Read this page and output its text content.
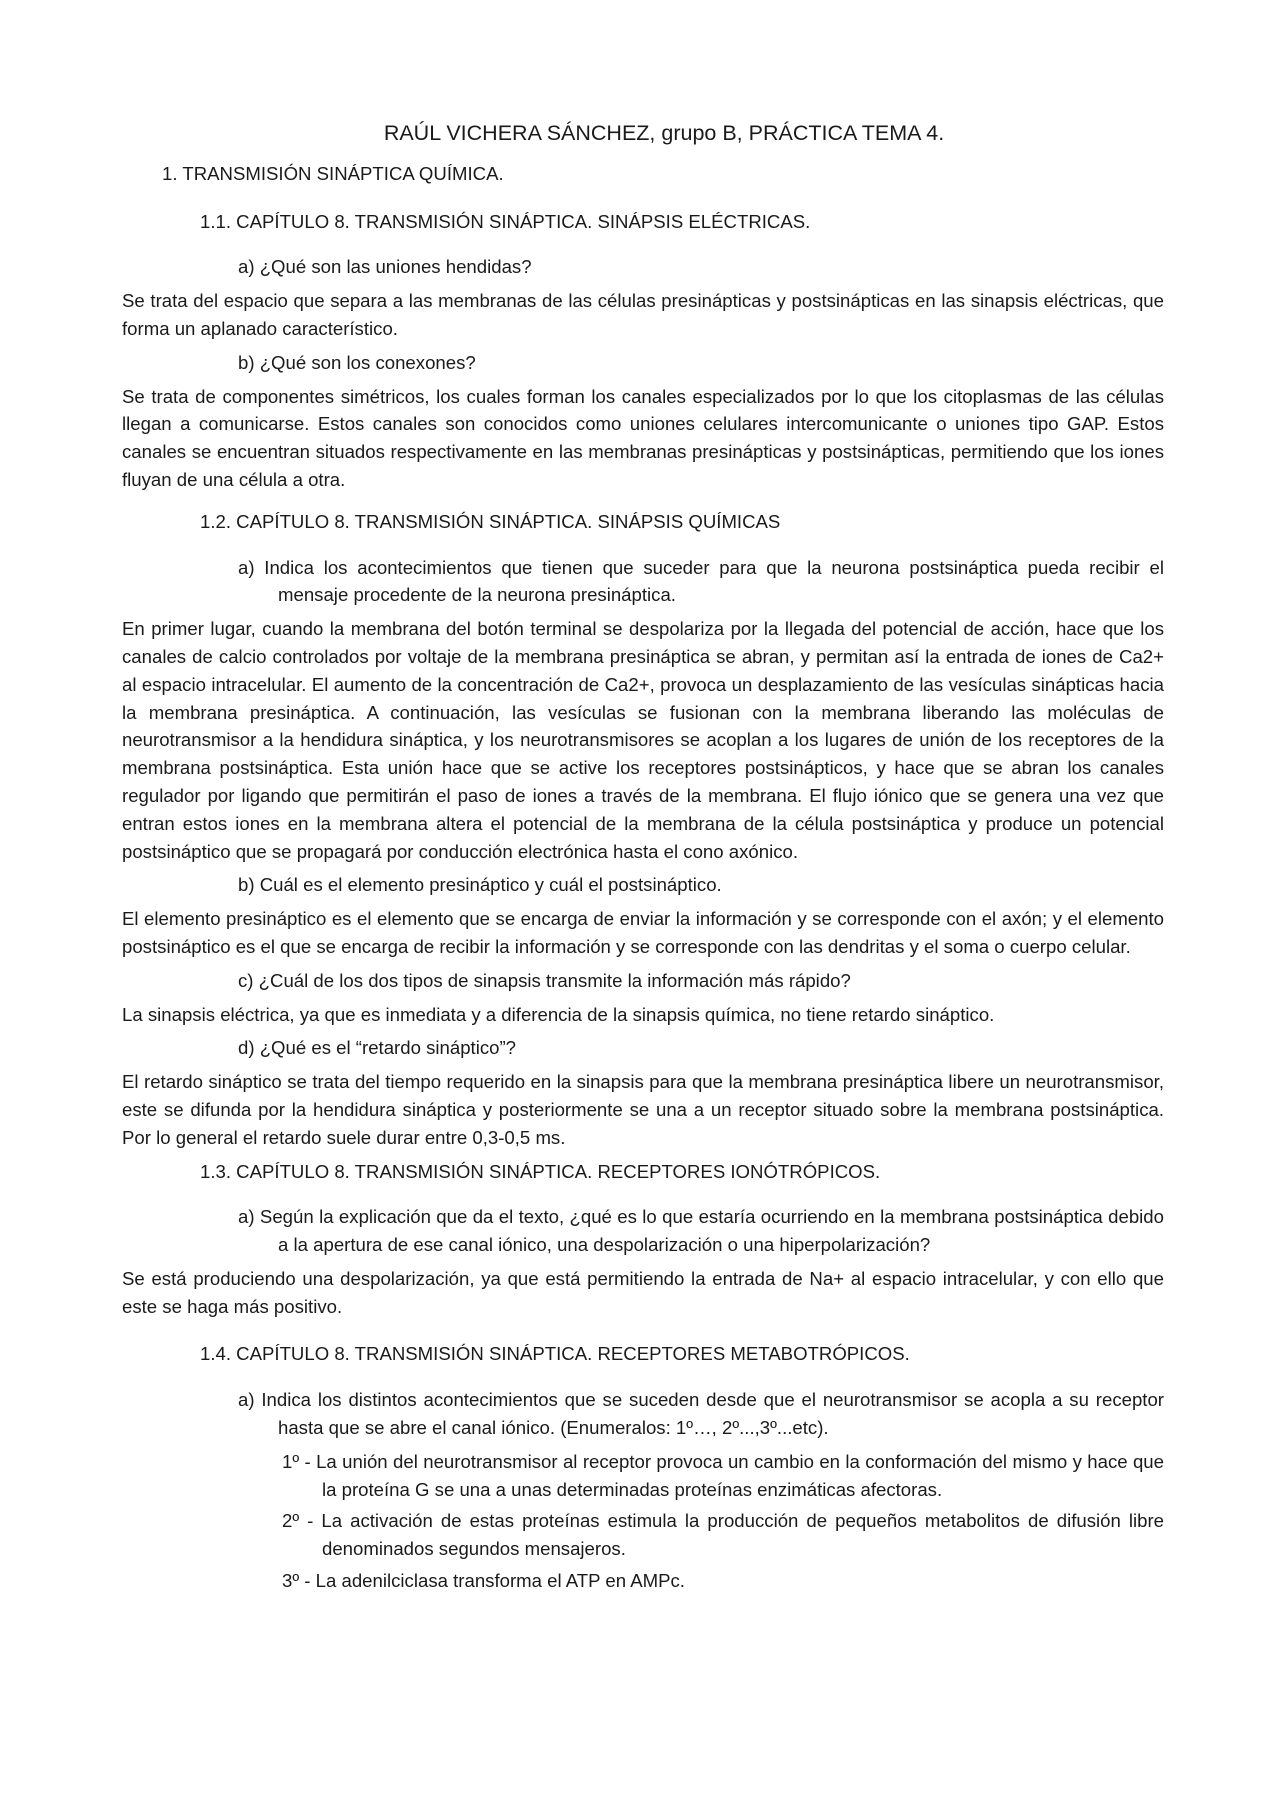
RAÚL VICHERA SÁNCHEZ, grupo B, PRÁCTICA TEMA 4.
1. TRANSMISIÓN SINÁPTICA QUÍMICA.
1.1. CAPÍTULO 8. TRANSMISIÓN SINÁPTICA. SINÁPSIS ELÉCTRICAS.
a) ¿Qué son las uniones hendidas?
Se trata del espacio que separa a las membranas de las células presinápticas y postsinápticas en las sinapsis eléctricas, que forma un aplanado característico.
b) ¿Qué son los conexones?
Se trata de componentes simétricos, los cuales forman los canales especializados por lo que los citoplasmas de las células llegan a comunicarse. Estos canales son conocidos como uniones celulares intercomunicante o uniones tipo GAP. Estos canales se encuentran situados respectivamente en las membranas presinápticas y postsinápticas, permitiendo que los iones fluyan de una célula a otra.
1.2. CAPÍTULO 8. TRANSMISIÓN SINÁPTICA. SINÁPSIS QUÍMICAS
a) Indica los acontecimientos que tienen que suceder para que la neurona postsináptica pueda recibir el mensaje procedente de la neurona presináptica.
En primer lugar, cuando la membrana del botón terminal se despolariza por la llegada del potencial de acción, hace que los canales de calcio controlados por voltaje de la membrana presináptica se abran, y permitan así la entrada de iones de Ca2+ al espacio intracelular. El aumento de la concentración de Ca2+, provoca un desplazamiento de las vesículas sinápticas hacia la membrana presináptica. A continuación, las vesículas se fusionan con la membrana liberando las moléculas de neurotransmisor a la hendidura sináptica, y los neurotransmisores se acoplan a los lugares de unión de los receptores de la membrana postsináptica. Esta unión hace que se active los receptores postsinápticos, y hace que se abran los canales regulador por ligando que permitirán el paso de iones a través de la membrana. El flujo iónico que se genera una vez que entran estos iones en la membrana altera el potencial de la membrana de la célula postsináptica y produce un potencial postsináptico que se propagará por conducción electrónica hasta el cono axónico.
b) Cuál es el elemento presináptico y cuál el postsináptico.
El elemento presináptico es el elemento que se encarga de enviar la información y se corresponde con el axón; y el elemento postsináptico es el que se encarga de recibir la información y se corresponde con las dendritas y el soma o cuerpo celular.
c) ¿Cuál de los dos tipos de sinapsis transmite la información más rápido?
La sinapsis eléctrica, ya que es inmediata y a diferencia de la sinapsis química, no tiene retardo sináptico.
d) ¿Qué es el “retardo sináptico”?
El retardo sináptico se trata del tiempo requerido en la sinapsis para que la membrana presináptica libere un neurotransmisor, este se difunda por la hendidura sináptica y posteriormente se una a un receptor situado sobre la membrana postsináptica. Por lo general el retardo suele durar entre 0,3-0,5 ms.
1.3. CAPÍTULO 8. TRANSMISIÓN SINÁPTICA. RECEPTORES IONÓTRÓPICOS.
a) Según la explicación que da el texto, ¿qué es lo que estaría ocurriendo en la membrana postsináptica debido a la apertura de ese canal iónico, una despolarización o una hiperpolarización?
Se está produciendo una despolarización, ya que está permitiendo la entrada de Na+ al espacio intracelular, y con ello que este se haga más positivo.
1.4. CAPÍTULO 8. TRANSMISIÓN SINÁPTICA. RECEPTORES METABOTRÓPICOS.
a) Indica los distintos acontecimientos que se suceden desde que el neurotransmisor se acopla a su receptor hasta que se abre el canal iónico. (Enumeralos: 1º…, 2º...,3º...etc).
1º - La unión del neurotransmisor al receptor provoca un cambio en la conformación del mismo y hace que la proteína G se una a unas determinadas proteínas enzimáticas afectoras.
2º - La activación de estas proteínas estimula la producción de pequeños metabolitos de difusión libre denominados segundos mensajeros.
3º - La adenilciclasa transforma el ATP en AMPc.
